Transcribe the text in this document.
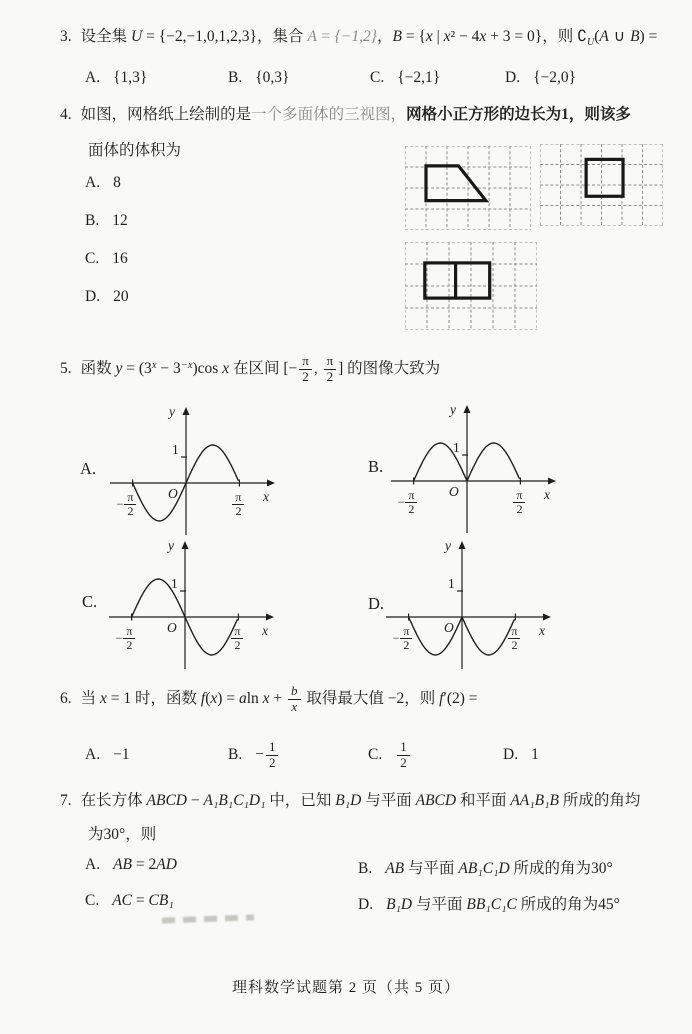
3. 设全集 U = {−2,−1,0,1,2,3}，集合 A = {−1,2}，B = {x | x² − 4x + 3 = 0}，则 $∁_U(A$ ∪ B) =
A. {1,3}	B. {0,3}	C. {−2,1}	D. {−2,0}
4. 如图，网格纸上绘制的是一个多面体的三视图，网格小正方形的边长为1，则该多
面体的体积为
A. 8
B. 12
C. 16
D. 20
5. 函数 $y = (3^x - 3^{-x})\cos$ x 在区间 [− $\frac{\pi}{2}$ , $\frac{\pi}{2}$ ] 的图像大致为
A.	B.
C.	D.
y
x
O
1
− $\frac{\pi}{2}$	$\frac{\pi}{2}$
y
x
O
1
− $\frac{\pi}{2}$	$\frac{\pi}{2}$
y
x
O
1
− $\frac{\pi}{2}$	$\frac{\pi}{2}$
y
x
O
1
− $\frac{\pi}{2}$	$\frac{\pi}{2}$
6. 当 x = 1 时，函数 f(x) = aln $x + \frac{b}{x}$ 取得最大值 −2，则 f′(2) =
A. −1	B. − $\frac{1}{2}$	C. $\frac{1}{2}$	D. 1
7. 在长方体 ABCD − A₁B₁C₁D₁ 中，已知 B₁D 与平面 ABCD 和平面 AA₁B₁B 所成的角均
为30°，则
A. AB = 2AD	B. AB 与平面 AB₁C₁D 所成的角为30°
C. AC = CB₁	D. B₁D 与平面 BB₁C₁C 所成的角为45°
理科数学试题第 2 页（共 5 页）
